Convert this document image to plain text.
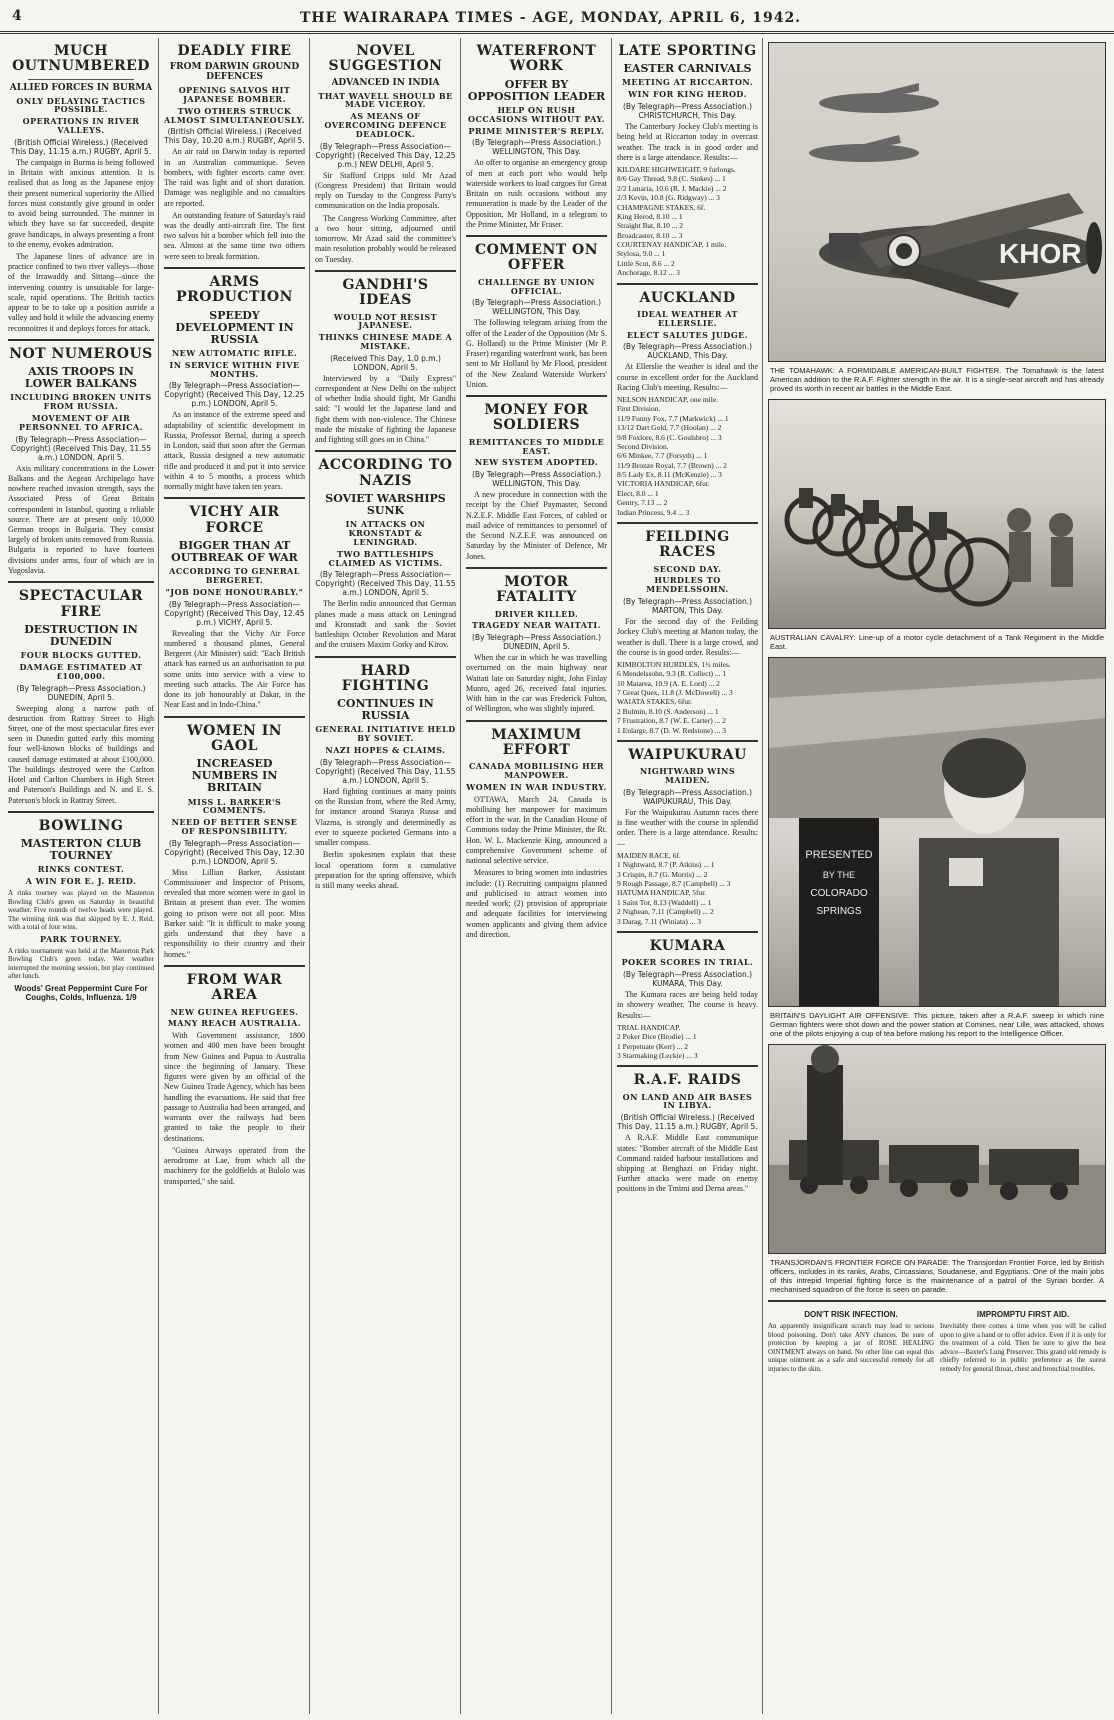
4	THE WAIRARAPA TIMES - AGE, MONDAY, APRIL 6, 1942.
MUCH OUTNUMBERED
ALLIED FORCES IN BURMA
ONLY DELAYING TACTICS POSSIBLE.
OPERATIONS IN RIVER VALLEYS.
(British Official Wireless.) (Received This Day, 11.15 a.m.) RUGBY, April 5.

The campaign in Burma is being followed in Britain with anxious attention. It is realised that as long as the Japanese enjoy their present numerical superiority the Allied forces must constantly give ground in order to avoid being surrounded. The manner in which they have so far succeeded, despite grave handicaps, in always presenting a front to the enemy, evokes admiration.

The Japanese lines of advance are in practice confined to two river valleys—those of the Irrawaddy and Sittang—since the intervening country is unsuitable for large-scale, rapid operations. The British tactics appear to be to take up a position astride a valley and hold it while the advancing enemy reconnoitres it and deploys forces for attack.

NOT NUMEROUS
AXIS TROOPS IN LOWER BALKANS
INCLUDING BROKEN UNITS FROM RUSSIA.
MOVEMENT OF AIR PERSONNEL TO AFRICA.
(By Telegraph—Press Association—Copyright) (Received This Day, 11.55 a.m.) LONDON, April 5.

Axis military concentrations in the Lower Balkans and the Aegean Archipelago have nowhere reached invasion strength, says the Associated Press of Great Britain correspondent in Istanbul, quoting a reliable source. There are at present only 10,000 German troops in Bulgaria. They consist largely of broken units removed from Russia. Bulgaria is reported to have fourteen divisions under arms, four of which are in Yugoslavia.

SPECTACULAR FIRE
DESTRUCTION IN DUNEDIN
FOUR BLOCKS GUTTED.
DAMAGE ESTIMATED AT £100,000.
(By Telegraph—Press Association.) DUNEDIN, April 5.

Sweeping along a narrow path of destruction from Rattray Street to High Street, one of the most spectacular fires ever seen in Dunedin gutted early this morning four well-known blocks of buildings and caused damage estimated at about £100,000. The buildings destroyed were the Carlton Hotel and Carlton Chambers in High Street and Paterson's Buildings and N. and E. S. Paterson's block in Rattray Street.

BOWLING
MASTERTON CLUB TOURNEY
RINKS CONTEST.
A WIN FOR E. J. REID.

A rinks tourney was played on the Masterton Bowling Club's green on Saturday in beautiful weather. Five rounds of twelve heads were played. The winning rink was that skipped by E. J. Reid, with a total of four wins.

PARK TOURNEY.

A rinks tournament was held at the Masterton Park Bowling Club's green today. Wet weather interrupted the morning session, but play continued after lunch.

Woods' Great Peppermint Cure For Coughs, Colds, Influenza. 1/9
DEADLY FIRE
FROM DARWIN GROUND DEFENCES
OPENING SALVOS HIT JAPANESE BOMBER.
TWO OTHERS STRUCK ALMOST SIMULTANEOUSLY.
(British Official Wireless.) (Received This Day, 10.20 a.m.) RUGBY, April 5.

An air raid on Darwin today is reported in an Australian communique. Seven bombers, with fighter escorts came over. The raid was light and of short duration. Damage was negligible and no casualties are reported.

An outstanding feature of Saturday's raid was the deadly anti-aircraft fire. The first two salvos hit a bomber which fell into the sea. Almost at the same time two others were seen to break formation.

ARMS PRODUCTION
SPEEDY DEVELOPMENT IN RUSSIA
NEW AUTOMATIC RIFLE.
IN SERVICE WITHIN FIVE MONTHS.
(By Telegraph—Press Association—Copyright) (Received This Day, 12.25 p.m.) LONDON, April 5.

As an instance of the extreme speed and adaptability of scientific development in Russia, Professor Bernal, during a speech in London, said that soon after the German attack, Russia designed a new automatic rifle and produced it and put it into service within 4 to 5 months, a process which normally might have taken ten years.

VICHY AIR FORCE
BIGGER THAN AT OUTBREAK OF WAR
ACCORDING TO GENERAL BERGERET.
"JOB DONE HONOURABLY."
(By Telegraph—Press Association—Copyright) (Received This Day, 12.45 p.m.) VICHY, April 5.

Revealing that the Vichy Air Force numbered a thousand planes, General Bergeret (Air Minister) said: "Each British attack has earned us an authorisation to put some units into service with a view to meeting such attacks. The Air Force has done its job honourably at Dakar, in the Near East and in Indo-China."

WOMEN IN GAOL
INCREASED NUMBERS IN BRITAIN
MISS L. BARKER'S COMMENTS.
NEED OF BETTER SENSE OF RESPONSIBILITY.
(By Telegraph—Press Association—Copyright) (Received This Day, 12.30 p.m.) LONDON, April 5.

Miss Lillian Barker, Assistant Commissioner and Inspector of Prisons, revealed that more women were in gaol in Britain at present than ever. The women going to prison were not all poor. Miss Barker said: "It is difficult to make young girls understand that they have a responsibility to their country and their homes."

FROM WAR AREA
NEW GUINEA REFUGEES.
MANY REACH AUSTRALIA.

With Government assistance, 1800 women and 400 men have been brought from New Guinea and Papua to Australia since the beginning of January. These figures were given by an official of the New Guinea Trade Agency, which has been handling the evacuations. He said that free passage to Australia had been arranged, and warrants over the railways had been granted to take the people to their destinations.

"Guinea Airways operated from the aerodrome at Lae, from which all the machinery for the goldfields at Bulolo was transported," she said.

NOVEL SUGGESTION
ADVANCED IN INDIA
THAT WAVELL SHOULD BE MADE VICEROY.
AS MEANS OF OVERCOMING DEFENCE DEADLOCK.
(By Telegraph—Press Association—Copyright) (Received This Day, 12.25 p.m.) NEW DELHI, April 5.

Sir Stafford Cripps told Mr Azad (Congress President) that Britain would reply on Tuesday to the Congress Party's communication on the India proposals.

The Congress Working Committee, after a two hour sitting, adjourned until tomorrow. Mr Azad said the committee's main resolution probably would be released on Tuesday.

GANDHI'S IDEAS
WOULD NOT RESIST JAPANESE.
THINKS CHINESE MADE A MISTAKE.
(Received This Day, 1.0 p.m.) LONDON, April 5.

Interviewed by a "Daily Express" correspondent at New Delhi on the subject of whether India should fight, Mr Gandhi said: "I would let the Japanese land and fight them with non-violence. The Chinese made the mistake of fighting the Japanese and fighting still goes on in China."

ACCORDING TO NAZIS
SOVIET WARSHIPS SUNK
IN ATTACKS ON KRONSTADT & LENINGRAD.
TWO BATTLESHIPS CLAIMED AS VICTIMS.
(By Telegraph—Press Association—Copyright) (Received This Day, 11.55 a.m.) LONDON, April 5.

The Berlin radio announced that German planes made a mass attack on Leningrad and Kronstadt and sank the Soviet battleships October Revolution and Marat and the cruisers Maxim Gorky and Kirov.

HARD FIGHTING
CONTINUES IN RUSSIA
GENERAL INITIATIVE HELD BY SOVIET.
NAZI HOPES & CLAIMS.
(By Telegraph—Press Association—Copyright) (Received This Day, 11.55 a.m.) LONDON, April 5.

Hard fighting continues at many points on the Russian front, where the Red Army, for instance around Staraya Russa and Vlazma, is strongly and determinedly as ever to squeeze pocketed Germans into a smaller compass.

Berlin spokesmen explain that these local operations form a cumulative preparation for the spring offensive, which is still many weeks ahead.

WATERFRONT WORK
OFFER BY OPPOSITION LEADER
HELP ON RUSH OCCASIONS WITHOUT PAY.
PRIME MINISTER'S REPLY.
(By Telegraph—Press Association.) WELLINGTON, This Day.

An offer to organise an emergency group of men at each port who would help waterside workers to load cargoes for Great Britain on rush occasions without any remuneration is made by the Leader of the Opposition, Mr Holland, in a telegram to the Prime Minister, Mr Fraser.

COMMENT ON OFFER
CHALLENGE BY UNION OFFICIAL.
(By Telegraph—Press Association.) WELLINGTON, This Day.

The following telegram arising from the offer of the Leader of the Opposition (Mr S. G. Holland) to the Prime Minister (Mr P. Fraser) regarding waterfront work, has been sent to Mr Holland by Mr Flood, president of the New Zealand Waterside Workers' Union.

MONEY FOR SOLDIERS
REMITTANCES TO MIDDLE EAST.
NEW SYSTEM ADOPTED.
(By Telegraph—Press Association.) WELLINGTON, This Day.

A new procedure in connection with the receipt by the Chief Paymaster, Second N.Z.E.F. Middle East Forces, of cabled or mail advice of remittances to personnel of the Second N.Z.E.F. was announced on Saturday by the Minister of Defence, Mr Jones.

MOTOR FATALITY
DRIVER KILLED.
TRAGEDY NEAR WAITATI.
(By Telegraph—Press Association.) DUNEDIN, April 5.

When the car in which he was travelling overturned on the main highway near Waitati late on Saturday night, John Finlay Munro, aged 26, received fatal injuries. With him in the car was Frederick Fulton, of Wellington, who was slightly injured.

MAXIMUM EFFORT
CANADA MOBILISING HER MANPOWER.
WOMEN IN WAR INDUSTRY.

OTTAWA, March 24. Canada is mobilising her manpower for maximum effort in the war. In the Canadian House of Commons today the Prime Minister, the Rt. Hon. W. L. Mackenzie King, announced a comprehensive Government scheme of national selective service.

Measures to bring women into industries include: (1) Recruiting campaigns planned and publicised to attract women into needed work; (2) provision of appropriate and adequate facilities for interviewing women applicants and giving them advice and direction.

LATE SPORTING
EASTER CARNIVALS
MEETING AT RICCARTON.
WIN FOR KING HEROD.
(By Telegraph—Press Association.) CHRISTCHURCH, This Day.

The Canterbury Jockey Club's meeting is being held at Riccarton today in overcast weather. The track is in good order and there is a large attendance. Results:—

KILDARE HIGHWEIGHT, 9 furlongs.
8/6 Gay Thread, 9.8 (C. Stokes) ... 1
2/2 Lunaria, 10.6 (R. J. Mackie) ... 2
2/3 Kevin, 10.8 (G. Ridgway) ... 3
CHAMPAGNE STAKES, 6f.
King Herod, 8.10 ... 1
Straight Bat, 8.10 ... 2
Broadcaster, 8.10 ... 3
COURTENAY HANDICAP, 1 mile.
Stylosa, 9.0 ... 1
Little Scot, 8.6 ... 2
Anchorage, 8.12 ... 3
AUCKLAND
IDEAL WEATHER AT ELLERSLIE.
ELECT SALUTES JUDGE.
(By Telegraph—Press Association.) AUCKLAND, This Day.

At Ellerslie the weather is ideal and the course in excellent order for the Auckland Racing Club's meeting. Results:—

NELSON HANDICAP, one mile.
First Division.
11/9 Funny Fox, 7.7 (Markwick) ... 1
13/12 Dart Gold, 7.7 (Hoolan) ... 2
9/8 Foxlore, 8.6 (C. Goulsbro) ... 3
Second Division.
6/6 Minkee, 7.7 (Forsyth) ... 1
11/9 Bronze Royal, 7.7 (Brown) ... 2
8/5 Lady Ex, 8.11 (McKenzie) ... 3
VICTORIA HANDICAP, 6fur.
Elect, 8.0 ... 1
Gentry, 7.13 ... 2
Indian Princess, 9.4 ... 3
FEILDING RACES
SECOND DAY.
HURDLES TO MENDELSSOHN.
(By Telegraph—Press Association.) MARTON, This Day.

For the second day of the Feilding Jockey Club's meeting at Marton today, the weather is dull. There is a large crowd, and the course is in good order. Results:—

KIMBOLTON HURDLES, 1½ miles.
6 Mendelssohn, 9.3 (R. Collect) ... 1
10 Matarea, 10.9 (A. E. Lord) ... 2
7 Great Quex, 11.8 (J. McDowell) ... 3
WAIATA STAKES, 6fur.
2 Bulmin, 8.10 (S. Anderson) ... 1
7 Frustration, 8.7 (W. E. Carter) ... 2
1 Enlarge, 8.7 (D. W. Redstone) ... 3
WAIPUKURAU
NIGHTWARD WINS MAIDEN.
(By Telegraph—Press Association.) WAIPUKURAU, This Day.

For the Waipukurau Autumn races there is fine weather with the course in splendid order. There is a large attendance. Results:—

MAIDEN RACE, 6f.
1 Nightward, 8.7 (P. Atkins) ... 1
3 Crispin, 8.7 (G. Morris) ... 2
9 Rough Passage, 8.7 (Campbell) ... 3
HATUMA HANDICAP, 5fur.
1 Saint Tor, 8.13 (Waddell) ... 1
2 Nighean, 7.11 (Campbell) ... 2
3 Darag, 7.11 (Winiata) ... 3
KUMARA
POKER SCORES IN TRIAL.
(By Telegraph—Press Association.) KUMARA, This Day.

The Kumara races are being held today in showery weather. The course is heavy. Results:—

TRIAL HANDICAP.
2 Poker Dice (Brodie) ... 1
1 Perpetuate (Kerr) ... 2
3 Starmaking (Leckie) ... 3
R.A.F. RAIDS
ON LAND AND AIR BASES IN LIBYA.
(British Official Wireless.) (Received This Day, 11.15 a.m.) RUGBY, April 5.

A R.A.F. Middle East communique states: "Bomber aircraft of the Middle East Command raided harbour installations and shipping at Benghazi on Friday night. Further attacks were made on enemy positions in the Tmimi and Derna areas."

KHOR
THE TOMAHAWK: A FORMIDABLE AMERICAN-BUILT FIGHTER. The Tomahawk is the latest American addition to the R.A.F. Fighter strength in the air. It is a single-seat aircraft and has already proved its worth in recent air battles in the Middle East.
AUSTRALIAN CAVALRY: Line-up of a motor cycle detachment of a Tank Regiment in the Middle East.
PRESENTED
BY THE
COLORADO
SPRINGS
BRITAIN'S DAYLIGHT AIR OFFENSIVE: This picture, taken after a R.A.F. sweep in which nine German fighters were shot down and the power station at Comines, near Lille, was attacked, shows one of the pilots enjoying a cup of tea before making his report to the Intelligence Officer.
TRANSJORDAN'S FRONTIER FORCE ON PARADE: The Transjordan Frontier Force, led by British officers, includes in its ranks, Arabs, Circassians, Soudanese, and Egyptians. One of the main jobs of this intrepid Imperial fighting force is the maintenance of a patrol of the Syrian border. A mechanised squadron of the force is seen on parade.
DON'T RISK INFECTION.

An apparently insignificant scratch may lead to serious blood poisoning. Don't take ANY chances. Be sure of protection by keeping a jar of ROSE HEALING OINTMENT always on hand. No other line can equal this unique ointment as a safe and successful remedy for all injuries to the skin.

IMPROMPTU FIRST AID.

Inevitably there comes a time when you will be called upon to give a hand or to offer advice. Even if it is only for the treatment of a cold. Then be sure to give the best advice—Baxter's Lung Preserver. This grand old remedy is chiefly referred to in public preference as the surest remedy for general throat, chest and bronchial troubles.
